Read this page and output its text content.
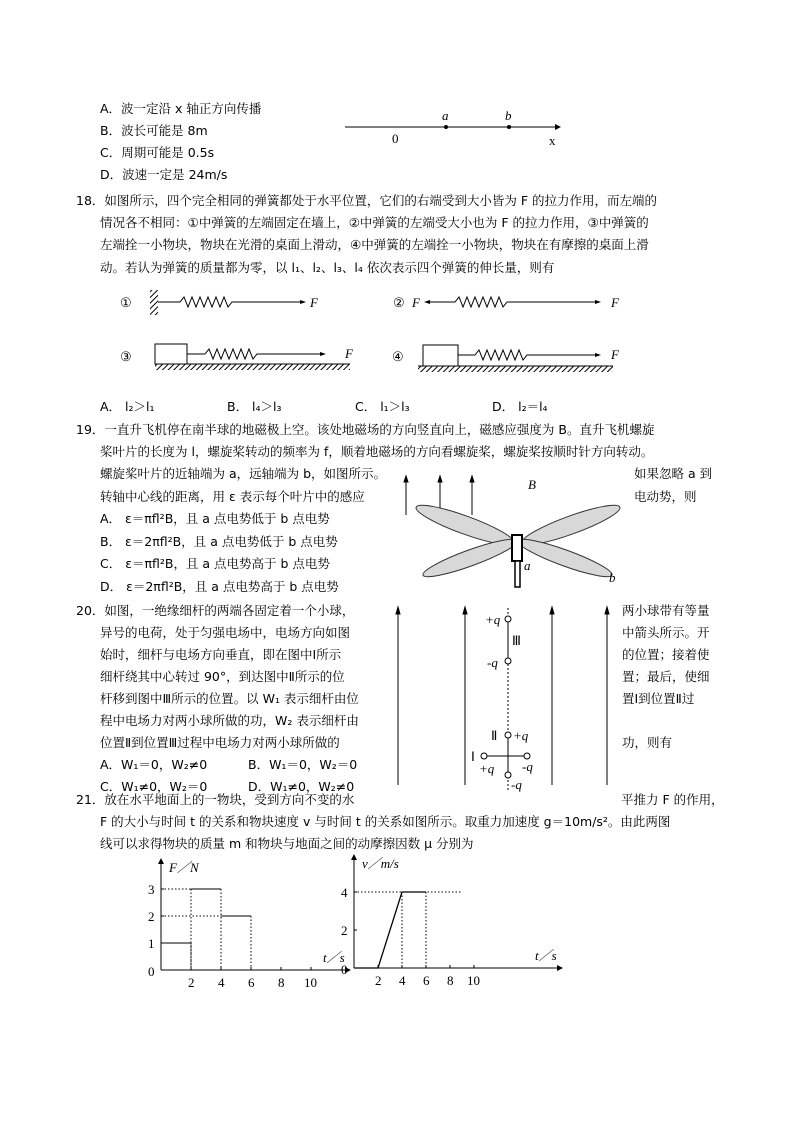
A．波一定沿 x 轴正方向传播
B．波长可能是 8m
C．周期可能是 0.5s
D．波速一定是 24m/s
0
a	b
x
18．如图所示，四个完全相同的弹簧都处于水平位置，它们的右端受到大小皆为 F 的拉力作用，而左端的
情况各不相同：①中弹簧的左端固定在墙上，②中弹簧的左端受大小也为 F 的拉力作用，③中弹簧的
左端拴一小物块，物块在光滑的桌面上滑动，④中弹簧的左端拴一小物块，物块在有摩擦的桌面上滑
动。若认为弹簧的质量都为零，以 l₁、l₂、l₃、l₄ 依次表示四个弹簧的伸长量，则有
①	F	② F	F
③	F	④	F
A． l₂＞l₁	B． l₄＞l₃	C． l₁＞l₃	D． l₂＝l₄
19．一直升飞机停在南半球的地磁极上空。该处地磁场的方向竖直向上，磁感应强度为 B。直升飞机螺旋
桨叶片的长度为 l，螺旋桨转动的频率为 f，顺着地磁场的方向看螺旋桨，螺旋桨按顺时针方向转动。
螺旋桨叶片的近轴端为 a，远轴端为 b，如图所示。
转轴中心线的距离，用 ε 表示每个叶片中的感应
如果忽略 a 到
电动势，则
A． ε＝πfl²B，且 a 点电势低于 b 点电势
B． ε＝2πfl²B，且 a 点电势低于 b 点电势
C． ε＝πfl²B，且 a 点电势高于 b 点电势
D． ε＝2πfl²B，且 a 点电势高于 b 点电势
B
a
b
20．如图，一绝缘细杆的两端各固定着一个小球，
异号的电荷，处于匀强电场中，电场方向如图
始时，细杆与电场方向垂直，即在图中Ⅰ所示
细杆绕其中心转过 90°，到达图中Ⅱ所示的位
杆移到图中Ⅲ所示的位置。以 W₁ 表示细杆由位
程中电场力对两小球所做的功，W₂ 表示细杆由
位置Ⅱ到位置Ⅲ过程中电场力对两小球所做的
两小球带有等量
中箭头所示。开
的位置；接着使
置；最后，使细
置Ⅰ到位置Ⅱ过
功，则有
A．W₁＝0，W₂≠0	B．W₁＝0，W₂＝0
C．W₁≠0，W₂＝0	D．W₁≠0，W₂≠0
+q
-q
+q
+q -q
-q
Ⅲ
Ⅱ
Ⅰ
21．放在水平地面上的一物块，受到方向不变的水	平推力 F 的作用，
F 的大小与时间 t 的关系和物块速度 v 与时间 t 的关系如图所示。取重力加速度 g＝10m/s²。由此两图
线可以求得物块的质量 m 和物块与地面之间的动摩擦因数 μ 分别为
F／N
t／s
0
2 4 6 8 10
1
2
3
v／m/s
t／s
0
2 4 6 8 10
2
4
